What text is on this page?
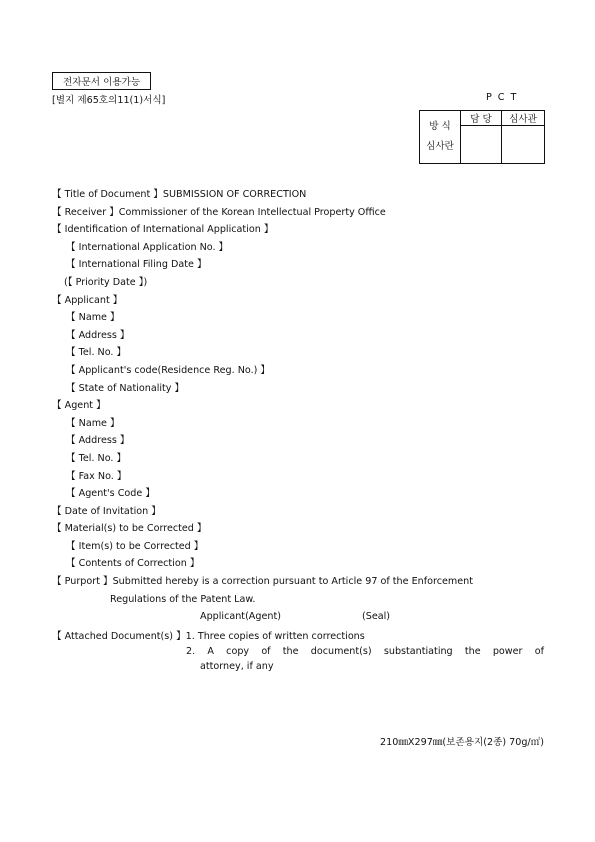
전자문서 이용가능
[별지 제65호의11(1)서식]	PCT
방 식
심사란	담 당	심사관

【 Title of Document 】SUBMISSION OF CORRECTION
【 Receiver 】Commissioner of the Korean Intellectual Property Office
【 Identification of International Application 】
【 International Application No. 】
【 International Filing Date 】
(【 Priority Date 】)
【 Applicant 】
【 Name 】
【 Address 】
【 Tel. No. 】
【 Applicant's code(Residence Reg. No.) 】
【 State of Nationality 】
【 Agent 】
【 Name 】
【 Address 】
【 Tel. No. 】
【 Fax No. 】
【 Agent's Code 】
【 Date of Invitation 】
【 Material(s) to be Corrected 】
【 Item(s) to be Corrected 】
【 Contents of Correction 】
【 Purport 】Submitted hereby is a correction pursuant to Article 97 of the Enforcement
Regulations of the Patent Law.
Applicant(Agent)	(Seal)
【 Attached Document(s) 】1. Three copies of written corrections
2. A copy of the document(s) substantiating the power of
attorney, if any
210㎜X297㎜(보존용지(2종) 70g/㎡)
